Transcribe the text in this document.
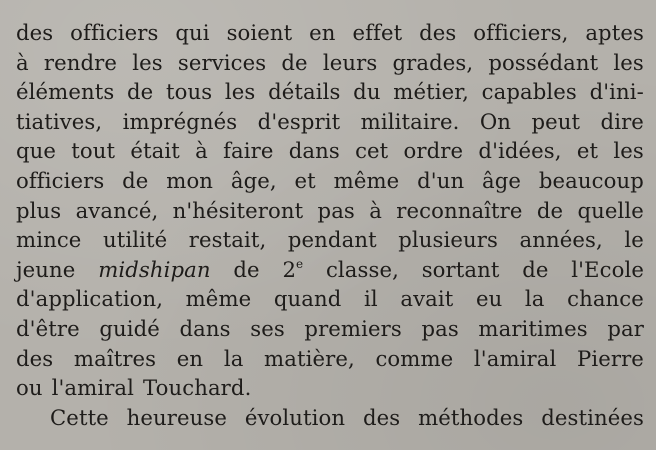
des officiers qui soient en effet des officiers, aptes
à rendre les services de leurs grades, possédant les
éléments de tous les détails du métier, capables d'ini-
tiatives, imprégnés d'esprit militaire. On peut dire
que tout était à faire dans cet ordre d'idées, et les
officiers de mon âge, et même d'un âge beaucoup
plus avancé, n'hésiteront pas à reconnaître de quelle
mince utilité restait, pendant plusieurs années, le
jeune midshipan de 2e classe, sortant de l'Ecole
d'application, même quand il avait eu la chance
d'être guidé dans ses premiers pas maritimes par
des maîtres en la matière, comme l'amiral Pierre
ou l'amiral Touchard.
Cette heureuse évolution des méthodes destinées
